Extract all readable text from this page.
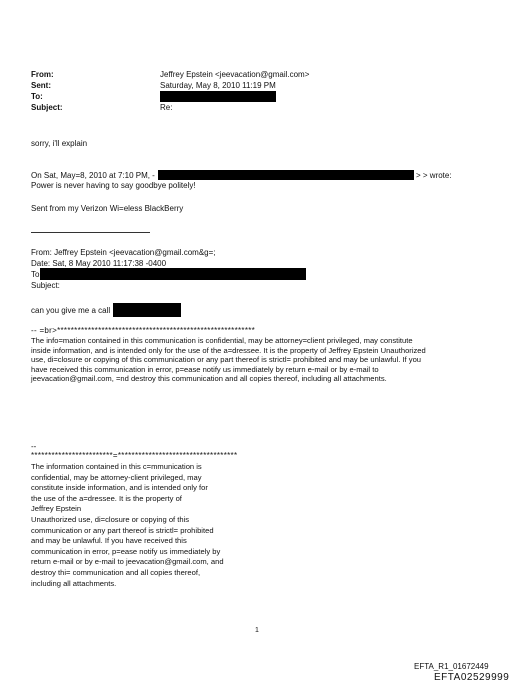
From:
Sent:
To:
Subject:
Jeffrey Epstein <jeevacation@gmail.com>
Saturday, May 8, 2010 11:19 PM
Re:
sorry, i'll explain
On Sat, May=8, 2010 at 7:10 PM, -	> > wrote:
Power is never having to say goodbye politely!
Sent from my Verizon Wi=eless BlackBerry
From: Jeffrey Epstein <jeevacation@gmail.com&g=;
Date: Sat, 8 May 2010 11:17:38 -0400
To
Subject:
can you give me a call
-- =br>**********************************************************
The info=mation contained in this communication is confidential, may be attorney=client privileged, may constitute
inside information, and is intended only for the use of the a=dressee. It is the property of Jeffrey Epstein Unauthorized
use, di=closure or copying of this communication or any part thereof is strictl= prohibited and may be unlawful. If you
have received this communication in error, p=ease notify us immediately by return e-mail or by e-mail to
jeevacation@gmail.com, =nd destroy this communication and all copies thereof, including all attachments.
--
************************=***********************************
The information contained in this c=mmunication is
confidential, may be attorney-client privileged, may
constitute inside information, and is intended only for
the use of the a=dressee. It is the property of
Jeffrey Epstein
Unauthorized use, di=closure or copying of this
communication or any part thereof is strictl= prohibited
and may be unlawful. If you have received this
communication in error, p=ease notify us immediately by
return e-mail or by e-mail to jeevacation@gmail.com, and
destroy thi= communication and all copies thereof,
including all attachments.
1
EFTA_R1_01672449
EFTA02529999
